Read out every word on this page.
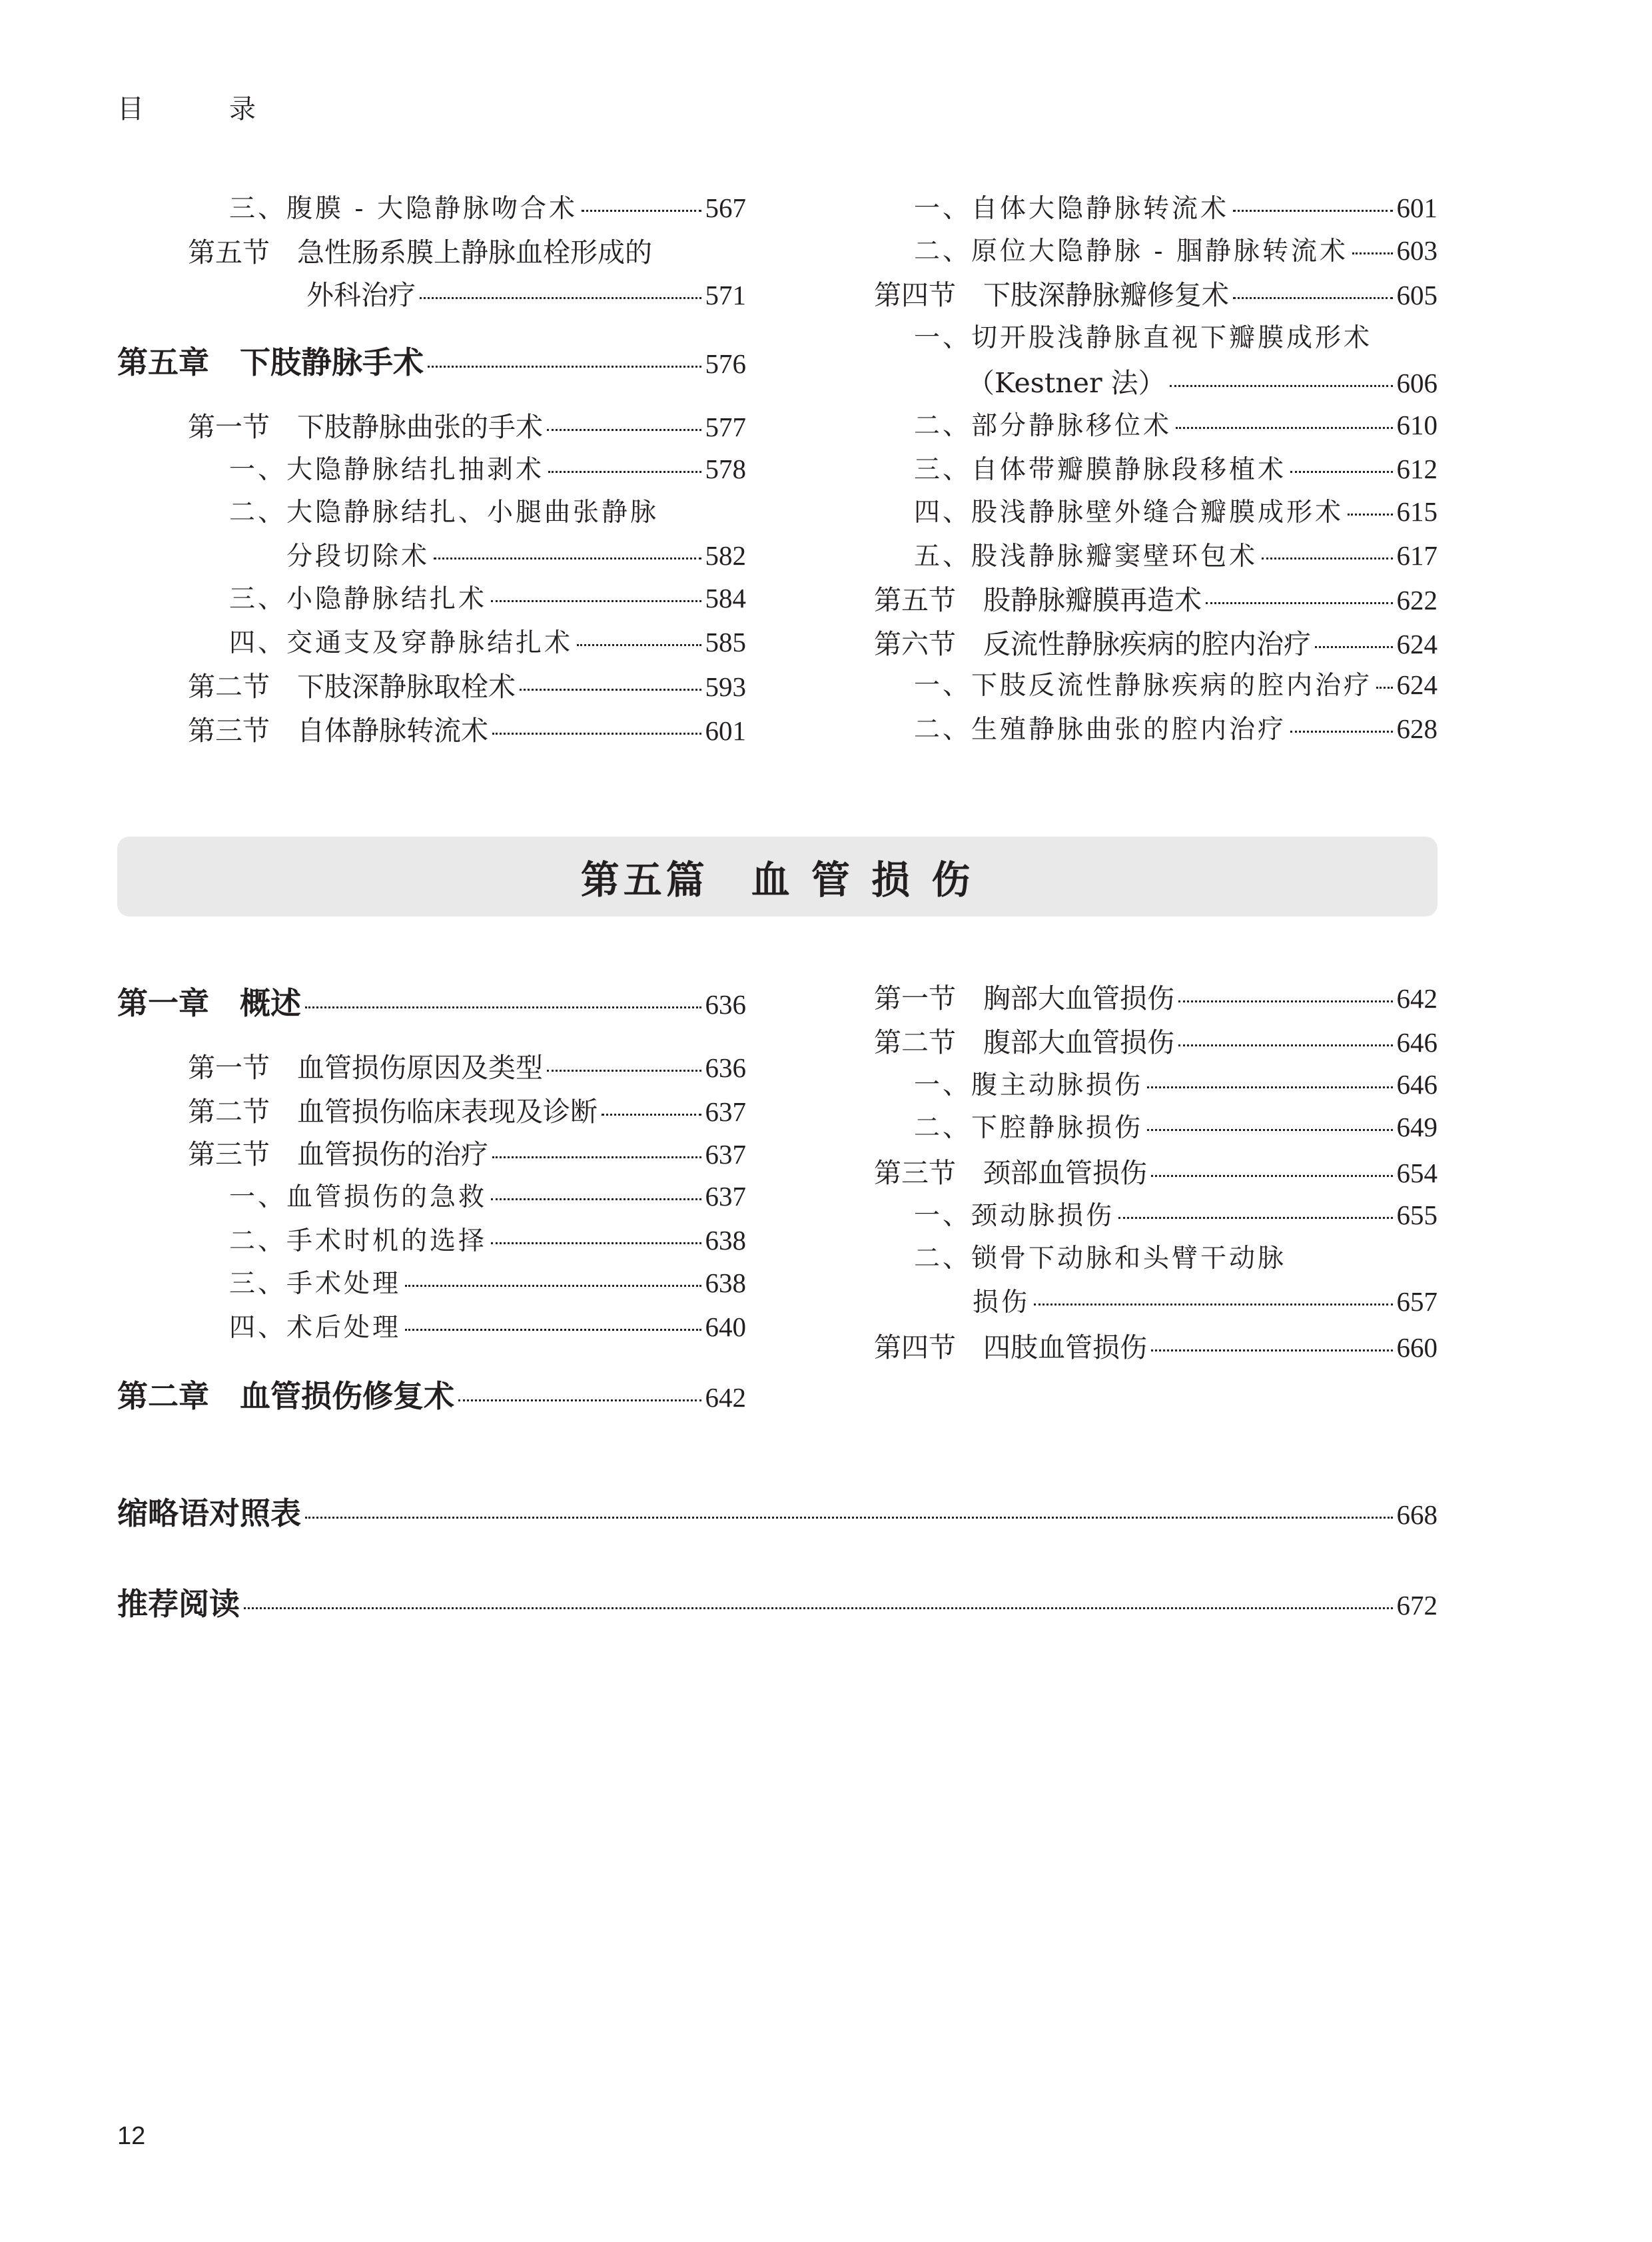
目　录
三、腹膜 - 大隐静脉吻合术	567
第五节　急性肠系膜上静脉血栓形成的
外科治疗	571
第五章　下肢静脉手术	576
第一节　下肢静脉曲张的手术	577
一、大隐静脉结扎抽剥术	578
二、大隐静脉结扎、小腿曲张静脉
分段切除术	582
三、小隐静脉结扎术	584
四、交通支及穿静脉结扎术	585
第二节　下肢深静脉取栓术	593
第三节　自体静脉转流术	601
一、自体大隐静脉转流术	601
二、原位大隐静脉 - 腘静脉转流术 603
第四节　下肢深静脉瓣修复术	605
一、切开股浅静脉直视下瓣膜成形术
（Kestner 法）	606
二、部分静脉移位术	610
三、自体带瓣膜静脉段移植术	612
四、股浅静脉壁外缝合瓣膜成形术 615
五、股浅静脉瓣窦壁环包术	617
第五节　股静脉瓣膜再造术	622
第六节　反流性静脉疾病的腔内治疗	624
一、下肢反流性静脉疾病的腔内治疗 624
二、生殖静脉曲张的腔内治疗	628
第五篇　血 管 损 伤
第一章　概述	636
第一节　血管损伤原因及类型	636
第二节　血管损伤临床表现及诊断	637
第三节　血管损伤的治疗	637
一、血管损伤的急救	637
二、手术时机的选择	638
三、手术处理	638
四、术后处理	640
第二章　血管损伤修复术	642
第一节　胸部大血管损伤	642
第二节　腹部大血管损伤	646
一、腹主动脉损伤	646
二、下腔静脉损伤	649
第三节　颈部血管损伤	654
一、颈动脉损伤	655
二、锁骨下动脉和头臂干动脉
损伤	657
第四节　四肢血管损伤	660
缩略语对照表	668
推荐阅读	672
12
